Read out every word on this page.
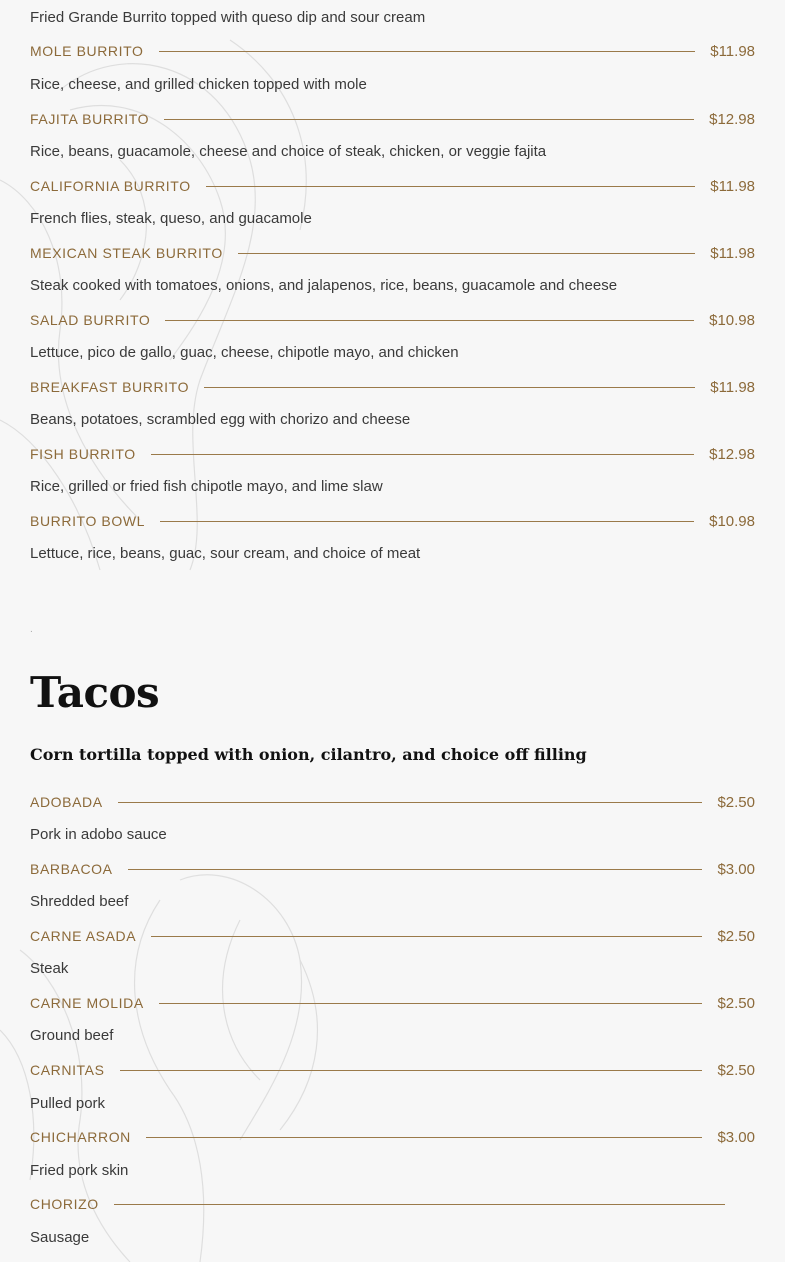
Fried Grande Burrito topped with queso dip and sour cream
MOLE BURRITO	$11.98
Rice, cheese, and grilled chicken topped with mole
FAJITA BURRITO	$12.98
Rice, beans, guacamole, cheese and choice of steak, chicken, or veggie fajita
CALIFORNIA BURRITO	$11.98
French flies, steak, queso, and guacamole
MEXICAN STEAK BURRITO	$11.98
Steak cooked with tomatoes, onions, and jalapenos, rice, beans, guacamole and cheese
SALAD BURRITO	$10.98
Lettuce, pico de gallo, guac, cheese, chipotle mayo, and chicken
BREAKFAST BURRITO	$11.98
Beans, potatoes, scrambled egg with chorizo and cheese
FISH BURRITO	$12.98
Rice, grilled or fried fish chipotle mayo, and lime slaw
BURRITO BOWL	$10.98
Lettuce, rice, beans, guac, sour cream, and choice of meat
.
Tacos
Corn tortilla topped with onion, cilantro, and choice off filling
ADOBADA	$2.50
Pork in adobo sauce
BARBACOA	$3.00
Shredded beef
CARNE ASADA	$2.50
Steak
CARNE MOLIDA	$2.50
Ground beef
CARNITAS	$2.50
Pulled pork
CHICHARRON	$3.00
Fried pork skin
CHORIZO
Sausage
